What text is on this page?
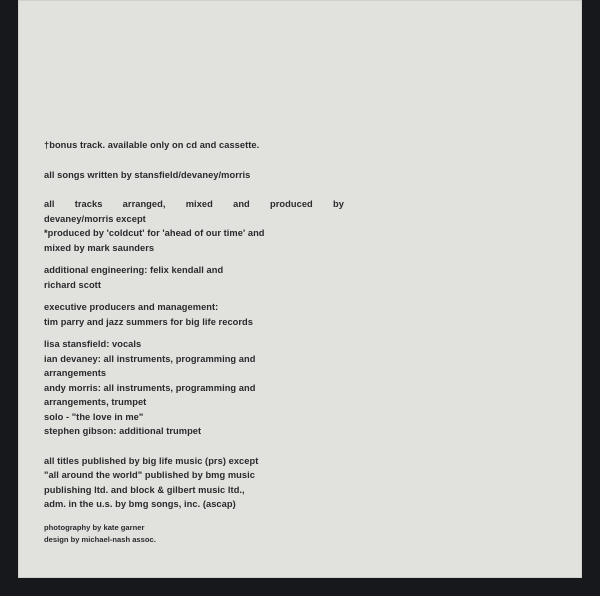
†bonus track. available only on cd and cassette.
all songs written by stansfield/devaney/morris
all tracks arranged, mixed and produced by
devaney/morris except
*produced by 'coldcut' for 'ahead of our time' and
mixed by mark saunders
additional engineering: felix kendall and
richard scott
executive producers and management:
tim parry and jazz summers for big life records
lisa stansfield: vocals
ian devaney: all instruments, programming and
arrangements
andy morris: all instruments, programming and
arrangements, trumpet
solo - "the love in me"
stephen gibson: additional trumpet
all titles published by big life music (prs) except
"all around the world" published by bmg music
publishing ltd. and block & gilbert music ltd.,
adm. in the u.s. by bmg songs, inc. (ascap)
photography by kate garner
design by michael-nash assoc.
